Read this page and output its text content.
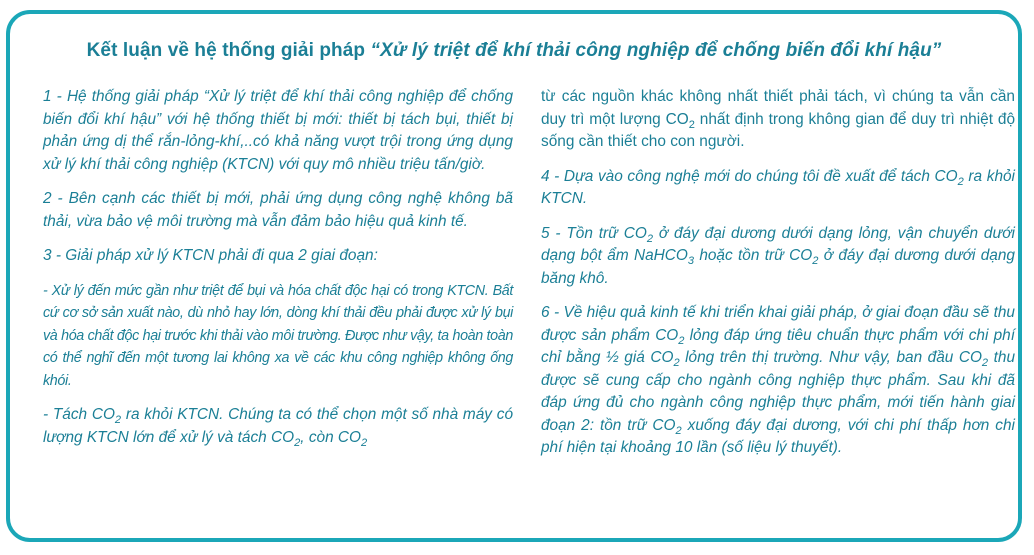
Kết luận về hệ thống giải pháp “Xử lý triệt để khí thải công nghiệp để chống biến đổi khí hậu”

1 - Hệ thống giải pháp “Xử lý triệt để khí thải công nghiệp để chống biến đổi khí hậu” với hệ thống thiết bị mới: thiết bị tách bụi, thiết bị phản ứng dị thể rắn-lỏng-khí,..có khả năng vượt trội trong ứng dụng xử lý khí thải công nghiệp (KTCN) với quy mô nhiều triệu tấn/giờ.

2 - Bên cạnh các thiết bị mới, phải ứng dụng công nghệ không bã thải, vừa bảo vệ môi trường mà vẫn đảm bảo hiệu quả kinh tế.

3 - Giải pháp xử lý KTCN phải đi qua 2 giai đoạn:

- Xử lý đến mức gần như triệt để bụi và hóa chất độc hại có trong KTCN. Bất cứ cơ sở sản xuất nào, dù nhỏ hay lớn, dòng khí thải đều phải được xử lý bụi và hóa chất độc hại trước khi thải vào môi trường. Được như vậy, ta hoàn toàn có thể nghĩ đến một tương lai không xa về các khu công nghiệp không ống khói.

- Tách $CO_2$ ra khỏi KTCN. Chúng ta có thể chọn một số nhà máy có lượng KTCN lớn để xử lý và tách $CO_2$, còn $CO_2$

từ các nguồn khác không nhất thiết phải tách, vì chúng ta vẫn cần duy trì một lượng $CO_2$ nhất định trong không gian để duy trì nhiệt độ sống cần thiết cho con người.

4 - Dựa vào công nghệ mới do chúng tôi đề xuất để tách $CO_2$ ra khỏi KTCN.

5 - Tồn trữ $CO_2$ ở đáy đại dương dưới dạng lỏng, vận chuyển dưới dạng bột ẩm NaHCO$_3$ hoặc tồn trữ $CO_2$ ở đáy đại dương dưới dạng băng khô.

6 - Về hiệu quả kinh tế khi triển khai giải pháp, ở giai đoạn đầu sẽ thu được sản phẩm $CO_2$ lỏng đáp ứng tiêu chuẩn thực phẩm với chi phí chỉ bằng ½ giá $CO_2$ lỏng trên thị trường. Như vậy, ban đầu $CO_2$ thu được sẽ cung cấp cho ngành công nghiệp thực phẩm. Sau khi đã đáp ứng đủ cho ngành công nghiệp thực phẩm, mới tiến hành giai đoạn 2: tồn trữ $CO_2$ xuống đáy đại dương, với chi phí thấp hơn chi phí hiện tại khoảng 10 lần (số liệu lý thuyết).
